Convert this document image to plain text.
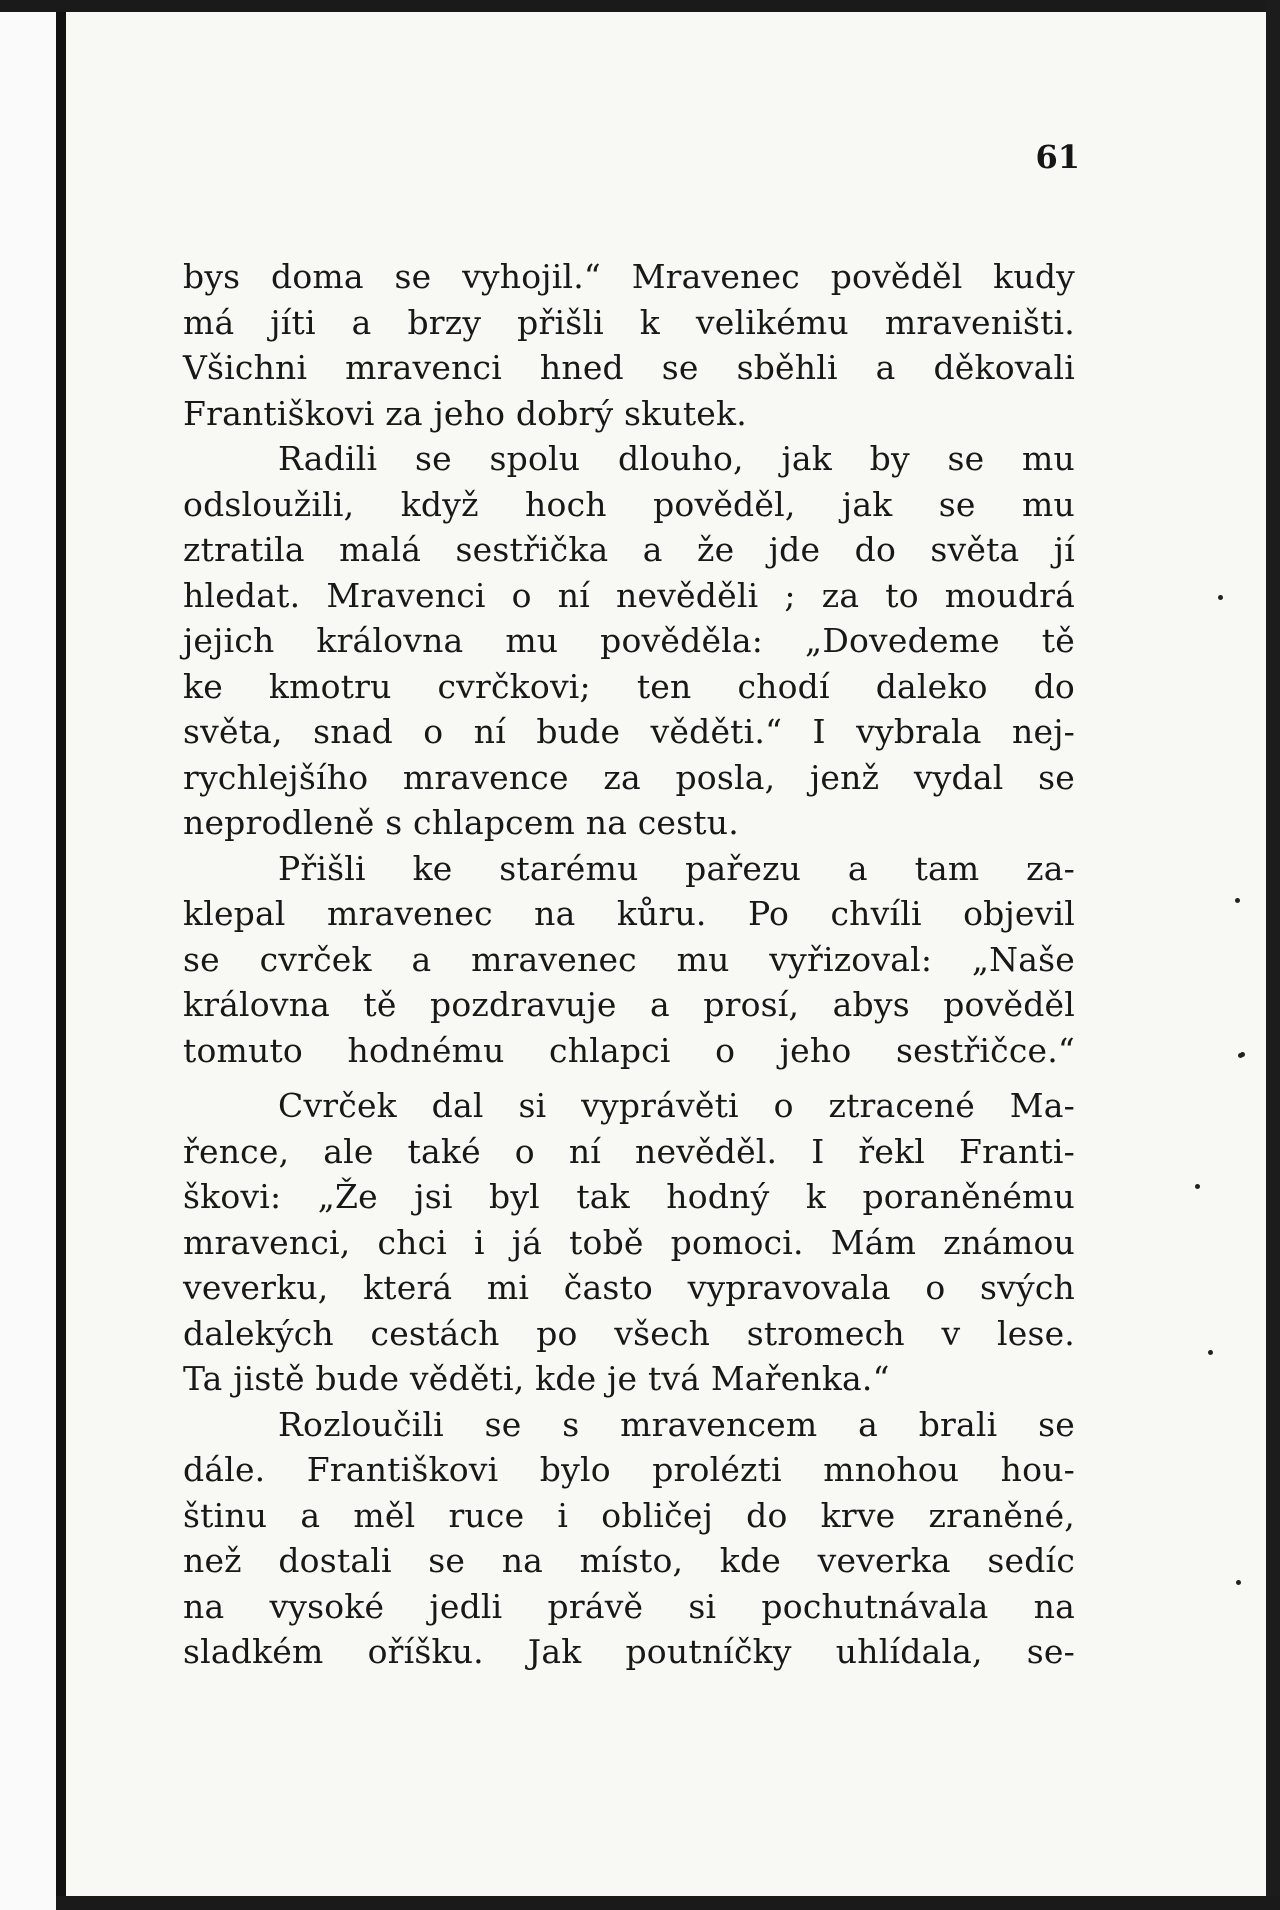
61

bys doma se vyhojil.“ Mravenec pověděl kudy
má jíti a brzy přišli k velikému mraveništi.
Všichni mravenci hned se sběhli a děkovali
Františkovi za jeho dobrý skutek.
Radili se spolu dlouho, jak by se mu
odsloužili, když hoch pověděl, jak se mu
ztratila malá sestřička a že jde do světa jí
hledat. Mravenci o ní nevěděli ; za to moudrá
jejich královna mu pověděla: „Dovedeme tě
ke kmotru cvrčkovi; ten chodí daleko do
světa, snad o ní bude věděti.“ I vybrala nej-
rychlejšího mravence za posla, jenž vydal se
neprodleně s chlapcem na cestu.
Přišli ke starému pařezu a tam za-
klepal mravenec na kůru. Po chvíli objevil
se cvrček a mravenec mu vyřizoval: „Naše
královna tě pozdravuje a prosí, abys pověděl
tomuto hodnému chlapci o jeho sestřičce.“
Cvrček dal si vyprávěti o ztracené Ma-
řence, ale také o ní nevěděl. I řekl Franti-
škovi: „Že jsi byl tak hodný k poraněnému
mravenci, chci i já tobě pomoci. Mám známou
veverku, která mi často vypravovala o svých
dalekých cestách po všech stromech v lese.
Ta jistě bude věděti, kde je tvá Mařenka.“
Rozloučili se s mravencem a brali se
dále. Františkovi bylo prolézti mnohou hou-
štinu a měl ruce i obličej do krve zraněné,
než dostali se na místo, kde veverka sedíc
na vysoké jedli právě si pochutnávala na
sladkém oříšku. Jak poutníčky uhlídala, se-
